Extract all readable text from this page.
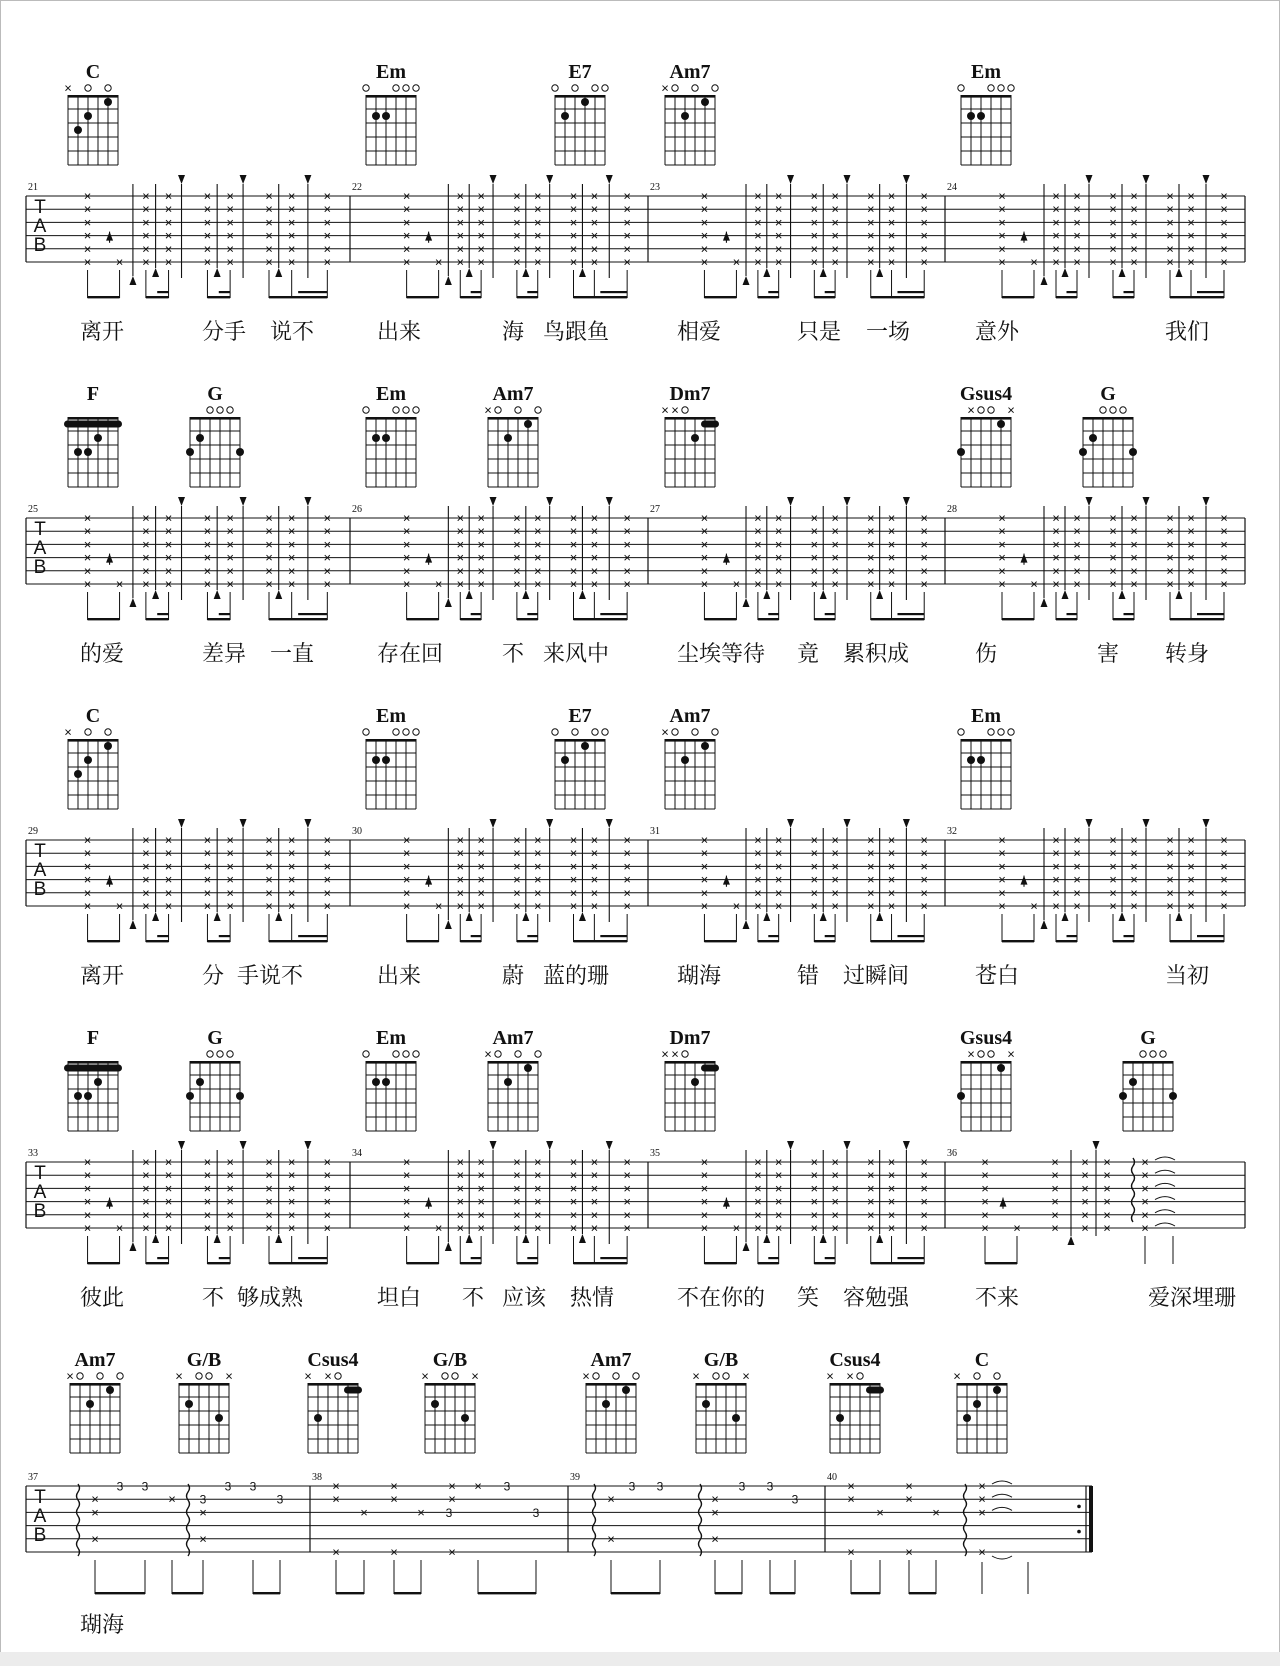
C
×
Em	E7	Am7
×
Em
T
A
B
21	22	23	24
×
×
×
×
×
× ×
×
×
×
×
×
×
×
×
×
×
×
×
×
×
×
×
×
×
×
×
×
×
×
×
×
×
×
×
×
×
×
×
×
×
×
×
×
×
×
×
×
×
×
×
×
×
×
× ×
×
×
×
×
×
×
×
×
×
×
×
×
×
×
×
×
×
×
×
×
×
×
×
×
×
×
×
×
×
×
×
×
×
×
×
×
×
×
×
×
×
×
×
×
×
×
×
× ×
×
×
×
×
×
×
×
×
×
×
×
×
×
×
×
×
×
×
×
×
×
×
×
×
×
×
×
×
×
×
×
×
×
×
×
×
×
×
×
×
×
×
×
×
×
×
×
× ×
×
×
×
×
×
×
×
×
×
×
×
×
×
×
×
×
×
×
×
×
×
×
×
×
×
×
×
×
×
×
×
×
×
×
×
×
×
×
×
×
×
×
离开	分手 说不	出来	海 鸟跟鱼	相爱	只是 一场	意外	我们
F	G	Em	Am7
×
Dm7
× ×
Gsus4
× ×
G
T
A
B
25	26	27	28
×
×
×
×
×
× ×
×
×
×
×
×
×
×
×
×
×
×
×
×
×
×
×
×
×
×
×
×
×
×
×
×
×
×
×
×
×
×
×
×
×
×
×
×
×
×
×
×
×
×
×
×
×
×
× ×
×
×
×
×
×
×
×
×
×
×
×
×
×
×
×
×
×
×
×
×
×
×
×
×
×
×
×
×
×
×
×
×
×
×
×
×
×
×
×
×
×
×
×
×
×
×
×
× ×
×
×
×
×
×
×
×
×
×
×
×
×
×
×
×
×
×
×
×
×
×
×
×
×
×
×
×
×
×
×
×
×
×
×
×
×
×
×
×
×
×
×
×
×
×
×
×
× ×
×
×
×
×
×
×
×
×
×
×
×
×
×
×
×
×
×
×
×
×
×
×
×
×
×
×
×
×
×
×
×
×
×
×
×
×
×
×
×
×
×
×
的爱	差异 一直	存在回	不 来风中	尘埃等待 竟 累积成	伤	害 转身
C
×
Em	E7	Am7
×
Em
T
A
B
29	30	31	32
×
×
×
×
×
× ×
×
×
×
×
×
×
×
×
×
×
×
×
×
×
×
×
×
×
×
×
×
×
×
×
×
×
×
×
×
×
×
×
×
×
×
×
×
×
×
×
×
×
×
×
×
×
×
× ×
×
×
×
×
×
×
×
×
×
×
×
×
×
×
×
×
×
×
×
×
×
×
×
×
×
×
×
×
×
×
×
×
×
×
×
×
×
×
×
×
×
×
×
×
×
×
×
× ×
×
×
×
×
×
×
×
×
×
×
×
×
×
×
×
×
×
×
×
×
×
×
×
×
×
×
×
×
×
×
×
×
×
×
×
×
×
×
×
×
×
×
×
×
×
×
×
× ×
×
×
×
×
×
×
×
×
×
×
×
×
×
×
×
×
×
×
×
×
×
×
×
×
×
×
×
×
×
×
×
×
×
×
×
×
×
×
×
×
×
×
离开	分 手说不	出来	蔚 蓝的珊	瑚海	错 过瞬间	苍白	当初
F	G	Em	Am7
×
Dm7
× ×
Gsus4
× ×
G
T
A
B
33	34	35	36
×
×
×
×
×
× ×
×
×
×
×
×
×
×
×
×
×
×
×
×
×
×
×
×
×
×
×
×
×
×
×
×
×
×
×
×
×
×
×
×
×
×
×
×
×
×
×
×
×
×
×
×
×
×
× ×
×
×
×
×
×
×
×
×
×
×
×
×
×
×
×
×
×
×
×
×
×
×
×
×
×
×
×
×
×
×
×
×
×
×
×
×
×
×
×
×
×
×
×
×
×
×
×
× ×
×
×
×
×
×
×
×
×
×
×
×
×
×
×
×
×
×
×
×
×
×
×
×
×
×
×
×
×
×
×
×
×
×
×
×
×
×
×
×
×
×
×
×
×
×
×
×
× ×
×
×
×
×
×
×
×
×
×
×
×
×
×
×
×
×
×
×
×
×
×
×
×
×
彼此	不 够成熟	坦白 不 应该 热情	不在你的 笑 容勉强	不来	爱深埋珊
Am7
×
G/B
×	×
Csus4
× ×
G/B
×	×
Am7
×
G/B
×	×
Csus4
× ×
C
×
T
A
B
37	38	39	40
×
×
×
3 3
×
×
×
3
3 3
3
×
×
×
×
×
×
×
×
×
×	× 3
3
3
×	3 3
×
×
×
3 3
3
×
×
×
×
×
×
×
×
×	×
×
×
×
×
瑚海
